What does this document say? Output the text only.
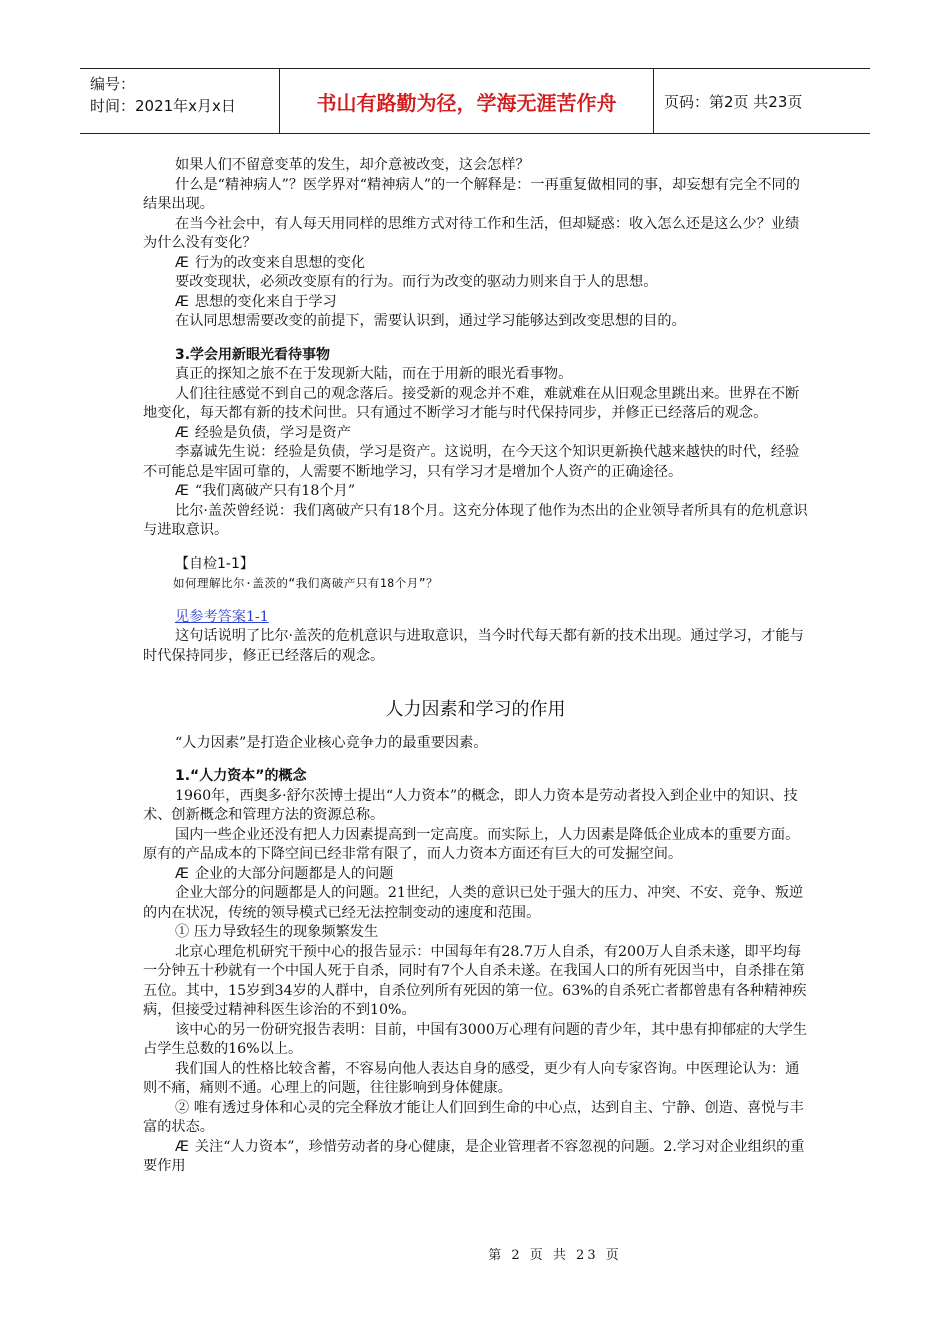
编号：
时间：2021年x月x日	书山有路勤为径，学海无涯苦作舟	页码：第2页 共23页

如果人们不留意变革的发生，却介意被改变，这会怎样？

什么是“精神病人”？医学界对“精神病人”的一个解释是：一再重复做相同的事，却妄想有完全不同的结果出现。

在当今社会中，有人每天用同样的思维方式对待工作和生活，但却疑惑：收入怎么还是这么少？业绩为什么没有变化？

Æ 行为的改变来自思想的变化

要改变现状，必须改变原有的行为。而行为改变的驱动力则来自于人的思想。

Æ 思想的变化来自于学习

在认同思想需要改变的前提下，需要认识到，通过学习能够达到改变思想的目的。

3.学会用新眼光看待事物

真正的探知之旅不在于发现新大陆，而在于用新的眼光看事物。

人们往往感觉不到自己的观念落后。接受新的观念并不难，难就难在从旧观念里跳出来。世界在不断地变化，每天都有新的技术问世。只有通过不断学习才能与时代保持同步，并修正已经落后的观念。

Æ 经验是负债，学习是资产

李嘉诚先生说：经验是负债，学习是资产。这说明，在今天这个知识更新换代越来越快的时代，经验不可能总是牢固可靠的，人需要不断地学习，只有学习才是增加个人资产的正确途径。

Æ “我们离破产只有18个月”

比尔·盖茨曾经说：我们离破产只有18个月。这充分体现了他作为杰出的企业领导者所具有的危机意识与进取意识。

【自检1-1】

如何理解比尔·盖茨的“我们离破产只有18个月”？

见参考答案1-1

这句话说明了比尔·盖茨的危机意识与进取意识，当今时代每天都有新的技术出现。通过学习，才能与时代保持同步，修正已经落后的观念。

人力因素和学习的作用

“人力因素”是打造企业核心竞争力的最重要因素。

1.“人力资本”的概念

1960年，西奥多·舒尔茨博士提出“人力资本”的概念，即人力资本是劳动者投入到企业中的知识、技术、创新概念和管理方法的资源总称。

国内一些企业还没有把人力因素提高到一定高度。而实际上，人力因素是降低企业成本的重要方面。原有的产品成本的下降空间已经非常有限了，而人力资本方面还有巨大的可发掘空间。

Æ 企业的大部分问题都是人的问题

企业大部分的问题都是人的问题。21世纪，人类的意识已处于强大的压力、冲突、不安、竞争、叛逆的内在状况，传统的领导模式已经无法控制变动的速度和范围。

① 压力导致轻生的现象频繁发生

北京心理危机研究干预中心的报告显示：中国每年有28.7万人自杀，有200万人自杀未遂，即平均每一分钟五十秒就有一个中国人死于自杀，同时有7个人自杀未遂。在我国人口的所有死因当中，自杀排在第五位。其中，15岁到34岁的人群中，自杀位列所有死因的第一位。63%的自杀死亡者都曾患有各种精神疾病，但接受过精神科医生诊治的不到10%。

该中心的另一份研究报告表明：目前，中国有3000万心理有问题的青少年，其中患有抑郁症的大学生占学生总数的16%以上。

我们国人的性格比较含蓄，不容易向他人表达自身的感受，更少有人向专家咨询。中医理论认为：通则不痛，痛则不通。心理上的问题，往往影响到身体健康。

② 唯有透过身体和心灵的完全释放才能让人们回到生命的中心点，达到自主、宁静、创造、喜悦与丰富的状态。

Æ 关注“人力资本”，珍惜劳动者的身心健康，是企业管理者不容忽视的问题。2.学习对企业组织的重要作用

第 2 页 共 23 页
